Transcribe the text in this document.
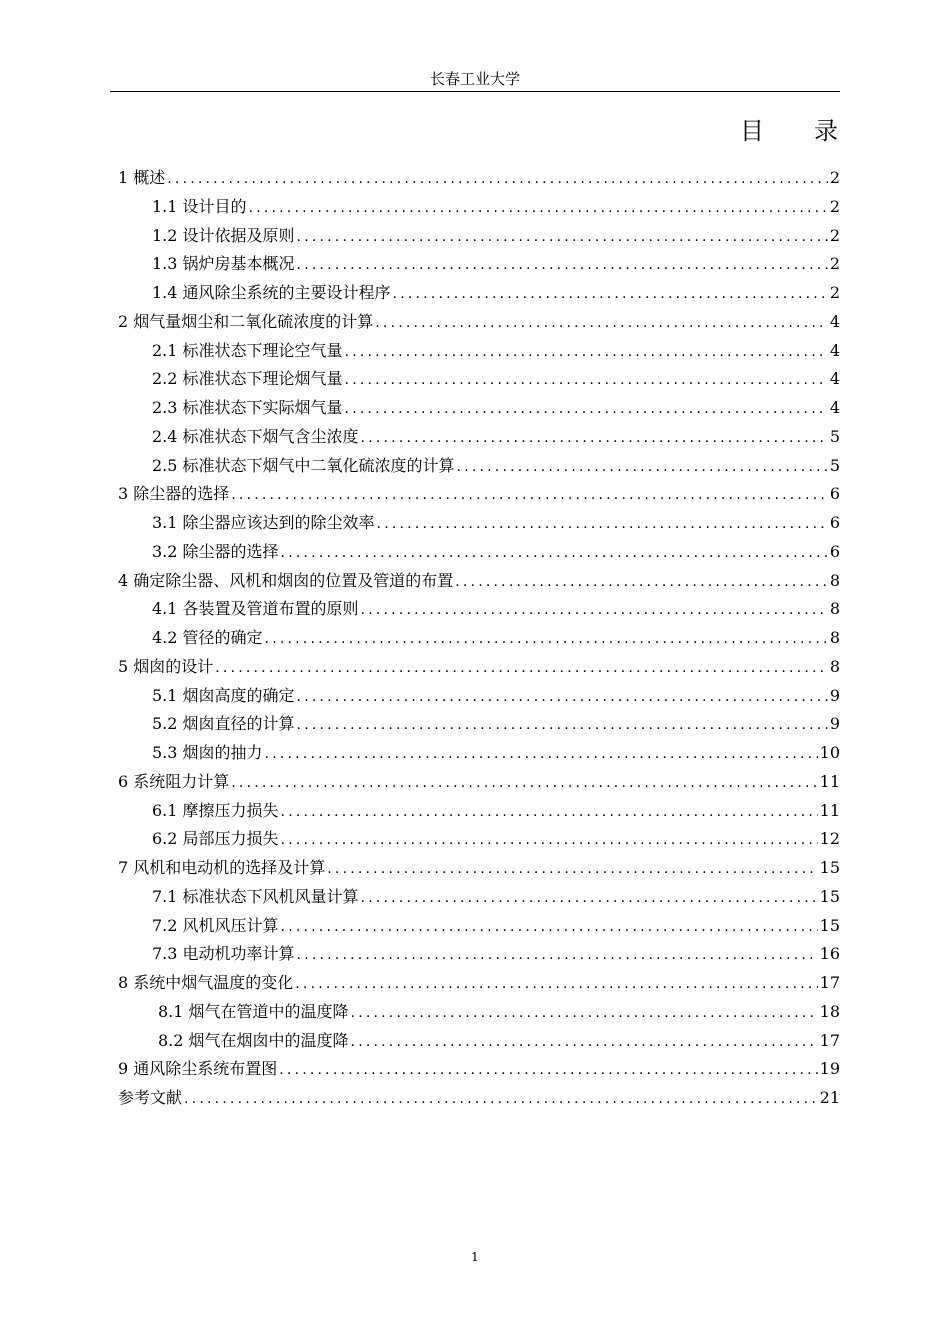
长春工业大学
目 录
1 概述 .....	2
1.1 设计目的 .....	2
1.2 设计依据及原则 .....	2
1.3 锅炉房基本概况 .....	2
1.4 通风除尘系统的主要设计程序 .....	2
2 烟气量烟尘和二氧化硫浓度的计算 .....	4
2.1 标准状态下理论空气量 .....	4
2.2 标准状态下理论烟气量 .....	4
2.3 标准状态下实际烟气量 .....	4
2.4 标准状态下烟气含尘浓度 .....	5
2.5 标准状态下烟气中二氧化硫浓度的计算 .....	5
3 除尘器的选择 .....	6
3.1 除尘器应该达到的除尘效率 .....	6
3.2 除尘器的选择 .....	6
4 确定除尘器、风机和烟囱的位置及管道的布置 .....	8
4.1 各装置及管道布置的原则 .....	8
4.2 管径的确定 .....	8
5 烟囱的设计 .....	8
5.1 烟囱高度的确定 .....	9
5.2 烟囱直径的计算 .....	9
5.3 烟囱的抽力 .....	10
6 系统阻力计算 .....	11
6.1 摩擦压力损失 .....	11
6.2 局部压力损失 .....	12
7 风机和电动机的选择及计算 .....	15
7.1 标准状态下风机风量计算 .....	15
7.2 风机风压计算 .....	15
7.3 电动机功率计算 .....	16
8 系统中烟气温度的变化 .....	17
8.1 烟气在管道中的温度降 .....	18
8.2 烟气在烟囱中的温度降 .....	17
9 通风除尘系统布置图 .....	19
参考文献 .....	21
1
